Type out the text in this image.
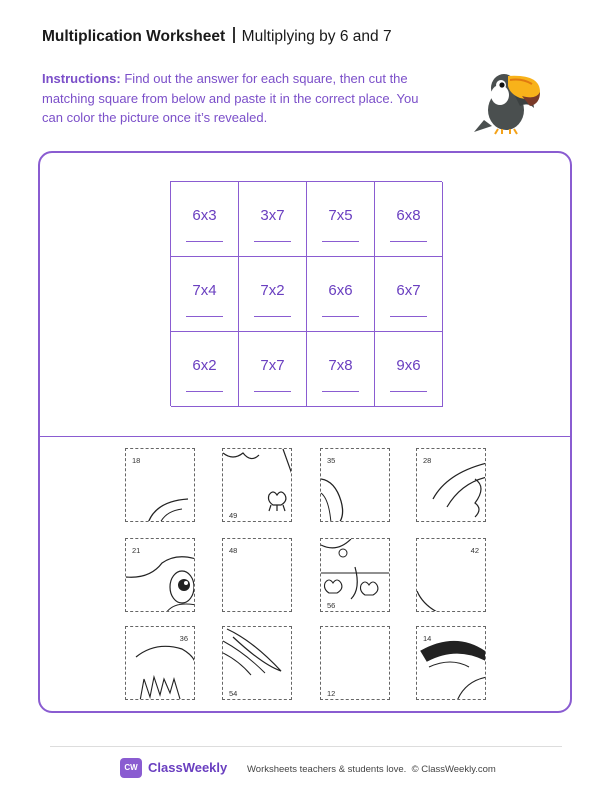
Multiplication Worksheet Multiplying by 6 and 7
Instructions: Find out the answer for each square, then cut the matching square from below and paste it in the correct place. You can color the picture once it’s revealed.
6x3	3x7	7x5	6x8
7x4	7x2	6x6	6x7
6x2	7x7	7x8	9x6
18
49
35	28
21	48
56
42
36
54	12
14
CW ClassWeekly Worksheets teachers & students love. © ClassWeekly.com
